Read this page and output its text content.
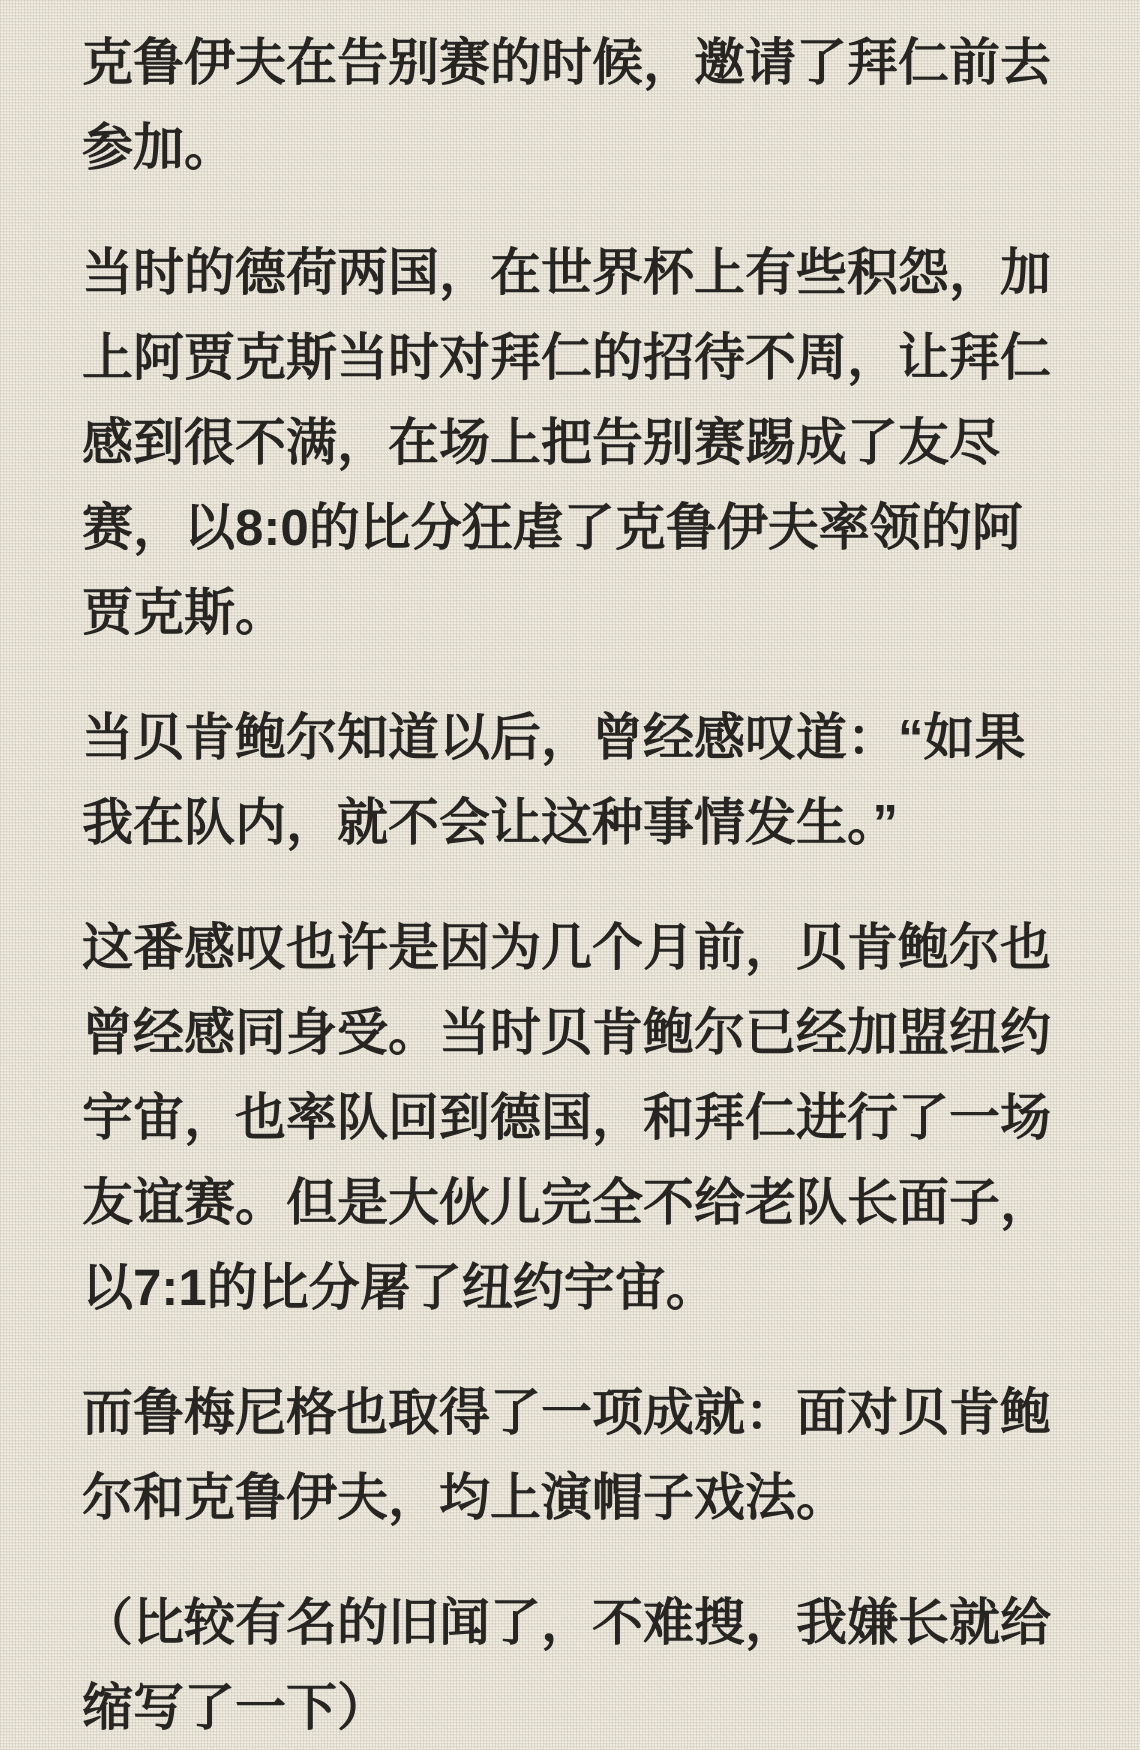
克鲁伊夫在告别赛的时候，邀请了拜仁前去
参加。
当时的德荷两国，在世界杯上有些积怨，加
上阿贾克斯当时对拜仁的招待不周，让拜仁
感到很不满，在场上把告别赛踢成了友尽
赛，以8:0的比分狂虐了克鲁伊夫率领的阿
贾克斯。
当贝肯鲍尔知道以后，曾经感叹道：“如果
我在队内，就不会让这种事情发生。”
这番感叹也许是因为几个月前，贝肯鲍尔也
曾经感同身受。当时贝肯鲍尔已经加盟纽约
宇宙，也率队回到德国，和拜仁进行了一场
友谊赛。但是大伙儿完全不给老队长面子，
以7:1的比分屠了纽约宇宙。
而鲁梅尼格也取得了一项成就：面对贝肯鲍
尔和克鲁伊夫，均上演帽子戏法。
（比较有名的旧闻了，不难搜，我嫌长就给
缩写了一下）
